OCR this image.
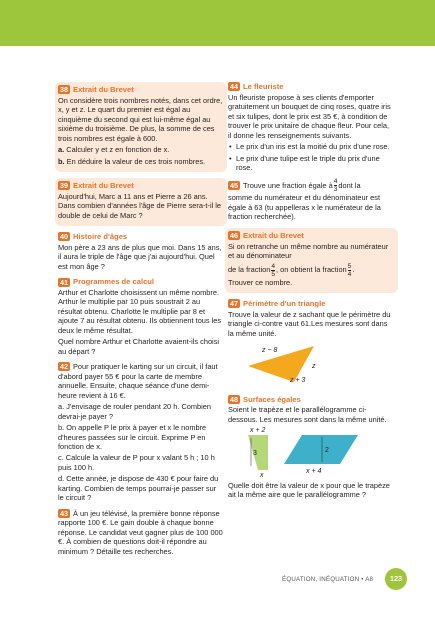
38 Extrait du Brevet

On considère trois nombres notés, dans cet ordre, x, y et z. Le quart du premier est égal au cinquième du second qui est lui-même égal au sixième du troisième. De plus, la somme de ces trois nombres est égale à 600.

a. Calculer y et z en fonction de x.

b. En déduire la valeur de ces trois nombres.

39 Extrait du Brevet

Aujourd'hui, Marc a 11 ans et Pierre a 26 ans. Dans combien d'années l'âge de Pierre sera-t-il le double de celui de Marc ?

40 Histoire d'âges

Mon père a 23 ans de plus que moi. Dans 15 ans, il aura le triple de l'âge que j'ai aujourd'hui. Quel est mon âge ?

41 Programmes de calcul

Arthur et Charlotte choisissent un même nombre. Arthur le multiplie par 10 puis soustrait 2 au résultat obtenu. Charlotte le multiplie par 8 et ajoute 7 au résultat obtenu. Ils obtiennent tous les deux le même résultat.

Quel nombre Arthur et Charlotte avaient-ils choisi au départ ?

42 Pour pratiquer le karting sur un circuit, il faut d'abord payer 55 € pour la carte de membre annuelle. Ensuite, chaque séance d'une demi-heure revient à 16 €.

a. J'envisage de rouler pendant 20 h. Combien devrai-je payer ?

b. On appelle P le prix à payer et x le nombre d'heures passées sur le circuit. Exprime P en fonction de x.

c. Calcule la valeur de P pour x valant 5 h ; 10 h puis 100 h.

d. Cette année, je dispose de 430 € pour faire du karting. Combien de temps pourrai-je passer sur le circuit ?

43 À un jeu télévisé, la première bonne réponse rapporte 100 €. Le gain double à chaque bonne réponse. Le candidat veut gagner plus de 100 000 €. À combien de questions doit-il répondre au minimum ? Détaille tes recherches.

44 Le fleuriste

Un fleuriste propose à ses clients d'emporter gratuitement un bouquet de cinq roses, quatre iris et six tulipes, dont le prix est 35 €, à condition de trouver le prix unitaire de chaque fleur. Pour cela, il donne les renseignements suivants.

• Le prix d'un iris est la moitié du prix d'une rose.

• Le prix d'une tulipe est le triple du prix d'une rose.

45 Trouve une fraction égale à $\frac{4}{3}$ dont la

somme du numérateur et du dénominateur est égale à 63 (tu appelleras x le numérateur de la fraction recherchée).

46 Extrait du Brevet

Si on retranche un même nombre au numérateur et au dénominateur

de la fraction $\frac{4}{5}$ , on obtient la fraction $\frac{5}{4}$ .

Trouver ce nombre.

47 Périmètre d'un triangle

Trouve la valeur de z sachant que le périmètre du triangle ci-contre vaut 61.Les mesures sont dans la même unité.

z − 8
z
z + 3
48 Surfaces égales

Soient le trapèze et le parallélogramme ci-dessous. Les mesures sont dans la même unité.

x + 2
3
x
2
x + 4

Quelle doit être la valeur de x pour que le trapèze ait la même aire que le parallélogramme ?

ÉQUATION, INÉQUATION • A8	123
